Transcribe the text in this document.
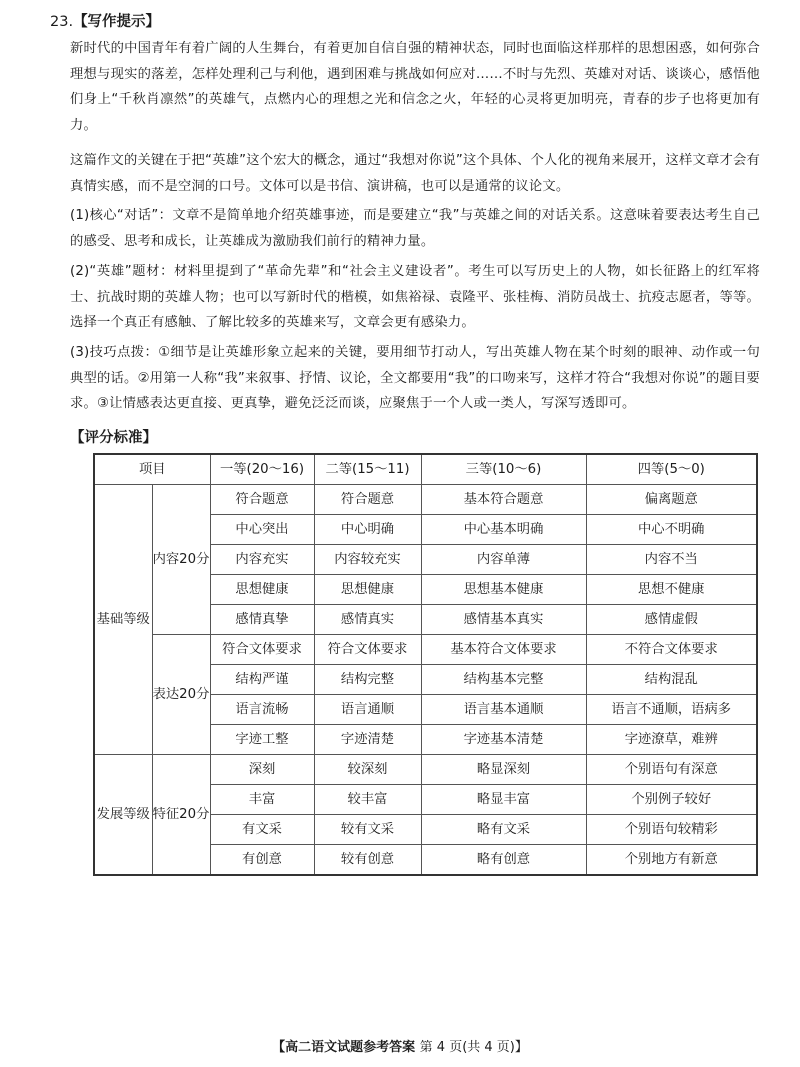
23.【写作提示】
新时代的中国青年有着广阔的人生舞台，有着更加自信自强的精神状态，同时也面临这样那样的思想困惑，如何弥合理想与现实的落差，怎样处理利己与利他，遇到困难与挑战如何应对……不时与先烈、英雄对对话、谈谈心，感悟他们身上“千秋肖凛然”的英雄气，点燃内心的理想之光和信念之火，年轻的心灵将更加明亮，青春的步子也将更加有力。
这篇作文的关键在于把“英雄”这个宏大的概念，通过“我想对你说”这个具体、个人化的视角来展开，这样文章才会有真情实感，而不是空洞的口号。文体可以是书信、演讲稿，也可以是通常的议论文。
(1)核心“对话”：文章不是简单地介绍英雄事迹，而是要建立“我”与英雄之间的对话关系。这意味着要表达考生自己的感受、思考和成长，让英雄成为激励我们前行的精神力量。
(2)“英雄”题材：材料里提到了“革命先辈”和“社会主义建设者”。考生可以写历史上的人物，如长征路上的红军将士、抗战时期的英雄人物；也可以写新时代的楷模，如焦裕禄、袁隆平、张桂梅、消防员战士、抗疫志愿者，等等。选择一个真正有感触、了解比较多的英雄来写，文章会更有感染力。
(3)技巧点拨：①细节是让英雄形象立起来的关键，要用细节打动人，写出英雄人物在某个时刻的眼神、动作或一句典型的话。②用第一人称“我”来叙事、抒情、议论，全文都要用“我”的口吻来写，这样才符合“我想对你说”的题目要求。③让情感表达更直接、更真挚，避免泛泛而谈，应聚焦于一个人或一类人，写深写透即可。
【评分标准】
项目		一等(20～16)	二等(15～11)	三等(10～6)	四等(5～0)
基础等级	内容20分	符合题意	符合题意	基本符合题意	偏离题意
		中心突出	中心明确	中心基本明确	中心不明确
		内容充实	内容较充实	内容单薄	内容不当
		思想健康	思想健康	思想基本健康	思想不健康
		感情真挚	感情真实	感情基本真实	感情虚假
	表达20分	符合文体要求	符合文体要求	基本符合文体要求	不符合文体要求
		结构严谨	结构完整	结构基本完整	结构混乱
		语言流畅	语言通顺	语言基本通顺	语言不通顺，语病多
		字迹工整	字迹清楚	字迹基本清楚	字迹潦草，难辨
发展等级	特征20分	深刻	较深刻	略显深刻	个别语句有深意
		丰富	较丰富	略显丰富	个别例子较好
		有文采	较有文采	略有文采	个别语句较精彩
		有创意	较有创意	略有创意	个别地方有新意
【高二语文试题参考答案 第 4 页(共 4 页)】
